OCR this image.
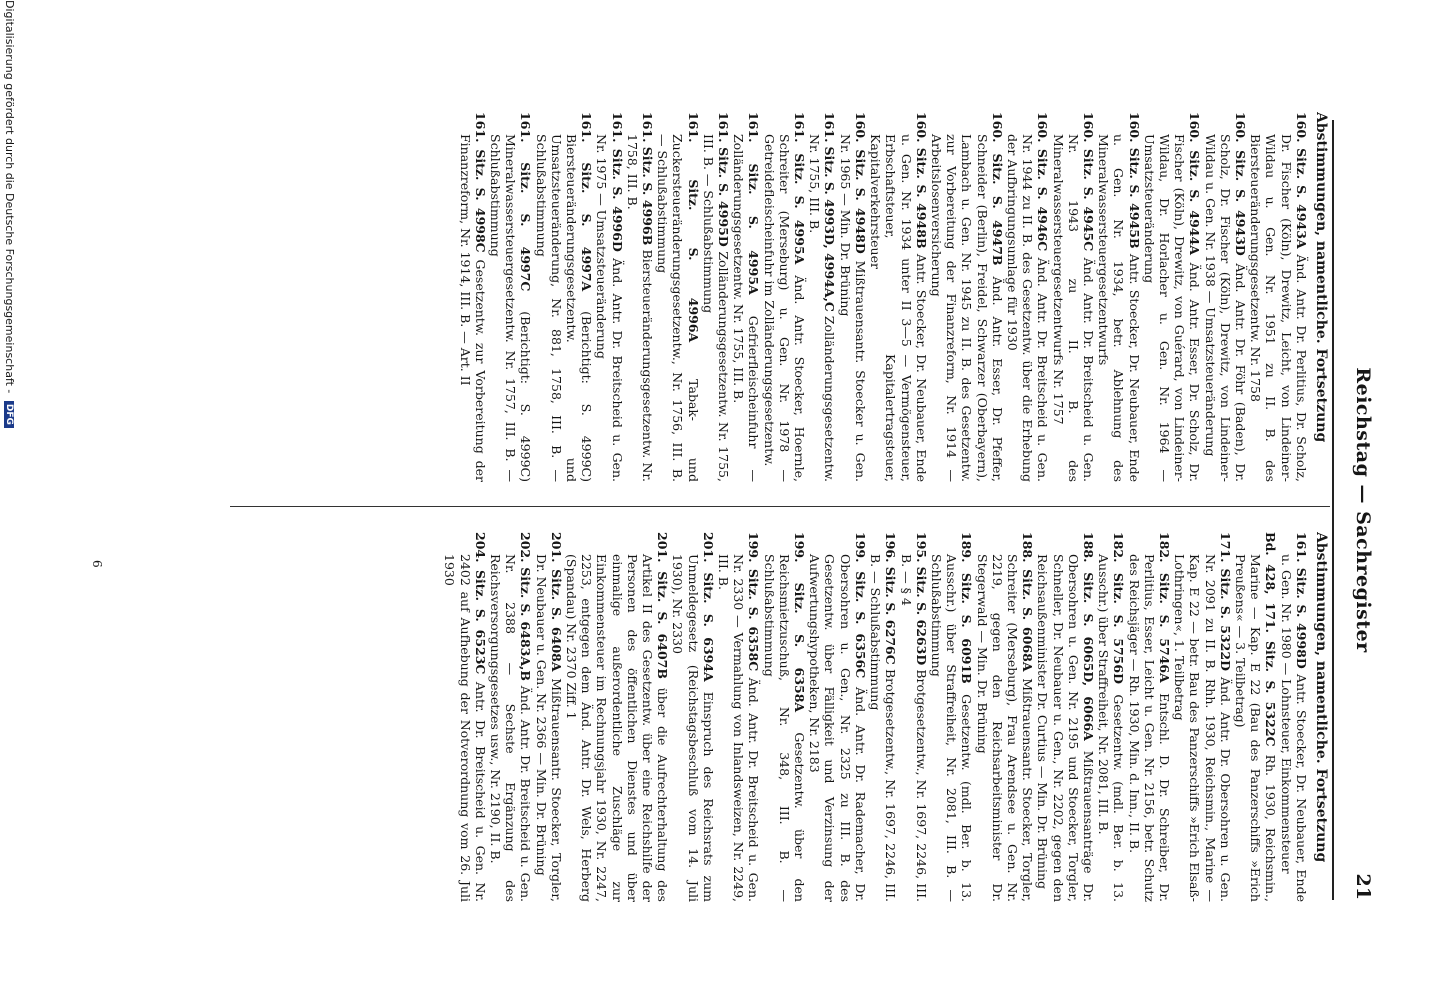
Reichstag — Sachregister
21
Abstimmungen, namentliche. Fortsetzung
160. Sitz. S. 4943A Änd. Antr. Dr. Perlitius, Dr. Scholz, Dr. Fischer (Köln), Drewitz, Leicht, von Lindeiner-Wildau u. Gen. Nr. 1951 zu II. B. des Biersteueränderungsgesetzentw. Nr. 1758
160. Sitz. S. 4943D Änd. Antr. Dr. Föhr (Baden), Dr. Scholz, Dr. Fischer (Köln), Drewitz, von Lindeiner-Wildau u. Gen. Nr. 1938 — Umsatzsteueränderung
160. Sitz. S. 4944A Änd. Antr. Esser, Dr. Scholz, Dr. Fischer (Köln), Drewitz, von Guérard, von Lindeiner-Wildau, Dr. Horlacher u. Gen. Nr. 1964 — Umsatzsteueränderung
160. Sitz. S. 4945B Antr. Stoecker, Dr. Neubauer, Ende u. Gen. Nr. 1934, betr. Ablehnung des Mineralwassersteuergesetzentwurfs
160. Sitz. S. 4945C Änd. Antr. Dr. Breitscheid u. Gen. Nr. 1943 zu II. B. des Mineralwassersteuergesetzentwurfs Nr. 1757
160. Sitz. S. 4946C Änd. Antr. Dr. Breitscheid u. Gen. Nr. 1944 zu II. B. des Gesetzentw. über die Erhebung der Aufbringungsumlage für 1930
160. Sitz. S. 4947B Änd. Antr. Esser, Dr. Pfeffer, Schneider (Berlin), Freidel, Schwarzer (Oberbayern), Lambach u. Gen. Nr. 1945 zu II. B. des Gesetzentw. zur Vorbereitung der Finanzreform, Nr. 1914 — Arbeitslosenversicherung
160. Sitz. S. 4948B Antr. Stoecker, Dr. Neubauer, Ende u. Gen. Nr. 1934 unter II 3—5 — Vermögensteuer, Erbschaftsteuer, Kapitalertragsteuer, Kapitalverkehrsteuer
160. Sitz. S. 4948D Mißtrauensantr. Stoecker u. Gen. Nr. 1965 — Min. Dr. Brüning
161. Sitz. S. 4993D, 4994A,C Zolländerungsgesetzentw. Nr. 1755, III. B.
161. Sitz. S. 4995A Änd. Antr. Stoecker, Hoernle, Schreiter (Merseburg) u. Gen. Nr. 1978 — Getreidefleischeinfuhr im Zolländerungsgesetzentw.
161. Sitz. S. 4995A Gefrierfleischeinfuhr — Zolländerungsgesetzentw. Nr. 1755, III. B.
161. Sitz. S. 4995D Zolländerungsgesetzentw. Nr. 1755, III. B. — Schlußabstimmung
161. Sitz. S. 4996A Tabak- und Zuckersteueränderungsgesetzentw., Nr. 1756, III. B. — Schlußabstimmung
161. Sitz. S. 4996B Biersteueränderungsgesetzentw. Nr. 1758, III. B.
161. Sitz. S. 4996D Änd. Antr. Dr. Breitscheid u. Gen. Nr. 1975 — Umsatzsteueränderung
161. Sitz. S. 4997A (Berichtigt: S. 4999C) Biersteueränderungsgesetzentw. und Umsatzsteueränderung, Nr. 881, 1758, III. B. — Schlußabstimmung
161. Sitz. S. 4997C (Berichtigt: S. 4999C) Mineralwassersteuergesetzentw. Nr. 1757, III. B. — Schlußabstimmung
161. Sitz. S. 4998C Gesetzentw. zur Vorbereitung der Finanzreform, Nr. 1914, III. B. — Art. II
Abstimmungen, namentliche. Fortsetzung
161. Sitz. S. 4998D Antr. Stoecker, Dr. Neubauer, Ende u. Gen. Nr. 1980 — Lohnsteuer, Einkommensteuer
Bd. 428, 171. Sitz. S. 5322C Rh. 1930, Reichsmin., Marine — Kap. E 22 (Bau des Panzerschiffs »Erich Preußens« — 3. Teilbetrag)
171. Sitz. S. 5322D Änd. Antr. Dr. Obersohren u. Gen. Nr. 2091 zu II. B. Rhh. 1930, Reichsmin., Marine — Kap. E 22 — betr. Bau des Panzerschiffs »Erich Elsaß-Lothringen«, 1. Teilbetrag
182. Sitz. S. 5746A Entschl. D. Dr. Schreiber, Dr. Perlitius, Esser, Leicht u. Gen. Nr. 2156, betr. Schutz des Reichsjäger — Rh. 1930, Min. d. Inn., II. B.
182. Sitz. S. 5756D Gesetzentw. (mdl. Ber. b. 13. Ausschr.) über Straffreiheit, Nr. 2081, III. B.
188. Sitz. S. 6065D, 6066A Mißtrauensanträge Dr. Obersohren u. Gen. Nr. 2195 und Stoecker, Torgler, Schneller, Dr. Neubauer u. Gen., Nr. 2202, gegen den Reichsaußenminister Dr. Curtius — Min. Dr. Brüning
188. Sitz. S. 6068A Mißtrauensantr. Stoecker, Torgler, Schreiter (Merseburg), Frau Arendsee u. Gen. Nr. 2219, gegen den Reichsarbeitsminister Dr. Stegerwald — Min. Dr. Brüning
189. Sitz. S. 6091B Gesetzentw. (mdl. Ber. b. 13. Ausschr.) über Straffreiheit, Nr. 2081, III. B. — Schlußabstimmung
195. Sitz. S. 6263D Brotgesetzentw., Nr. 1697, 2246, III. B. — § 4
196. Sitz. S. 6276C Brotgesetzentw., Nr. 1697, 2246, III. B. — Schlußabstimmung
199. Sitz. S. 6356C Änd. Antr. Dr. Rademacher, Dr. Obersohren u. Gen., Nr. 2325 zu III. B. des Gesetzentw. über Fälligkeit und Verzinsung der Aufwertungshypotheken, Nr. 2183
199. Sitz. S. 6358A Gesetzentw. über den Reichsmietzuschuß, Nr. 348, III. B. — Schlußabstimmung
199. Sitz. S. 6358C Änd. Antr. Dr. Breitscheid u. Gen. Nr. 2330 — Vermahlung von Inlandsweizen, Nr. 2249, III. B.
201. Sitz. S. 6394A Einspruch des Reichsrats zum Unmeldegesetz (Reichstagsbeschluß vom 14. Juli 1930), Nr. 2330
201. Sitz. S. 6407B über die Aufrechterhaltung des Artikel II des Gesetzentw. über eine Reichshilfe der Personen des öffentlichen Dienstes und über einmalige außerordentliche Zuschläge zur Einkommensteuer im Rechnungsjahr 1930, Nr. 2247, 2253, entgegen dem Änd. Antr. Dr. Wels, Herberg (Spandau) Nr. 2370 Ziff. 1
201. Sitz. S. 6408A Mißtrauensantr. Stoecker, Torgler, Dr. Neubauer u. Gen. Nr. 2366 — Min. Dr. Brüning
202. Sitz. S. 6483A,B Änd. Antr. Dr. Breitscheid u. Gen. Nr. 2388 — Sechste Ergänzung des Reichsversorgungsgesetzes usw., Nr. 2190, II. B.
204. Sitz. S. 6523C Antr. Dr. Breitscheid u. Gen. Nr. 2402 auf Aufhebung der Notverordnung vom 26. Juli 1930
6
Digitalisierung gefördert durch die Deutsche Forschungsgemeinschaft - DFG
